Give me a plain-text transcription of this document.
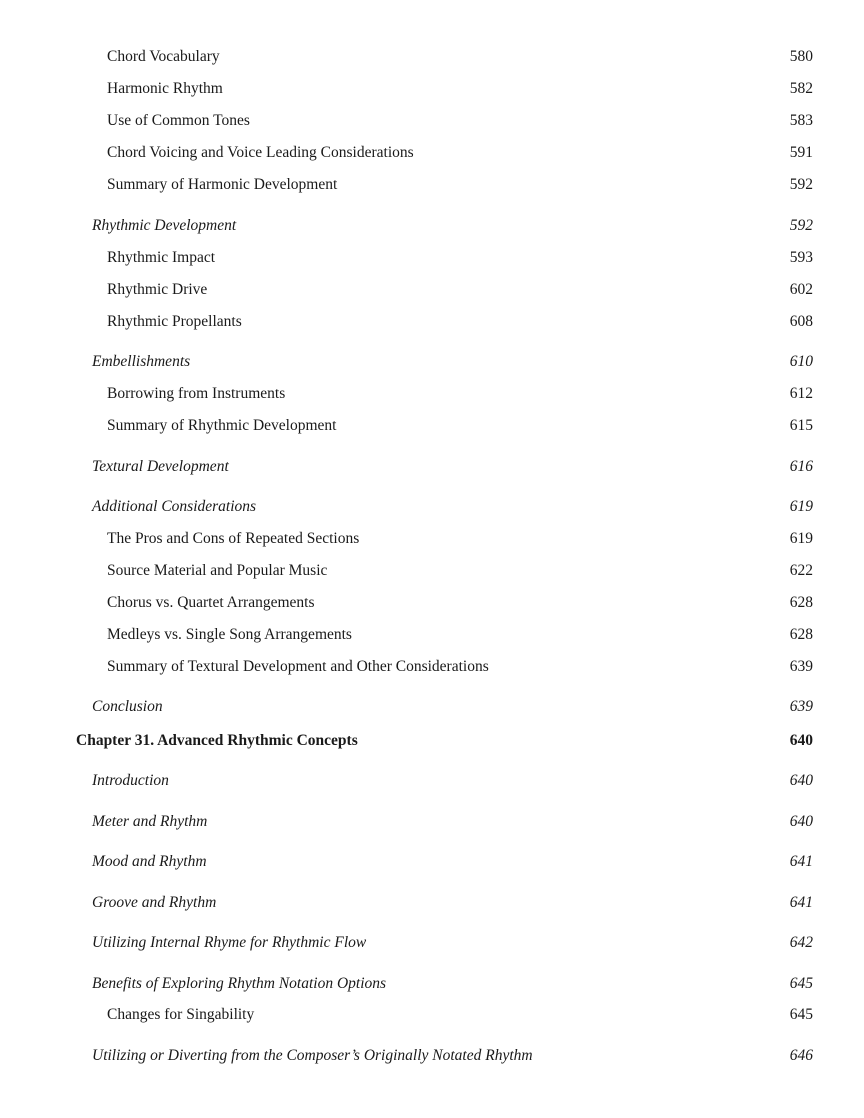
Chord Vocabulary	580
Harmonic Rhythm	582
Use of Common Tones	583
Chord Voicing and Voice Leading Considerations	591
Summary of Harmonic Development	592
Rhythmic Development	592
Rhythmic Impact	593
Rhythmic Drive	602
Rhythmic Propellants	608
Embellishments	610
Borrowing from Instruments	612
Summary of Rhythmic Development	615
Textural Development	616
Additional Considerations	619
The Pros and Cons of Repeated Sections	619
Source Material and Popular Music	622
Chorus vs. Quartet Arrangements	628
Medleys vs. Single Song Arrangements	628
Summary of Textural Development and Other Considerations	639
Conclusion	639
Chapter 31. Advanced Rhythmic Concepts	640
Introduction	640
Meter and Rhythm	640
Mood and Rhythm	641
Groove and Rhythm	641
Utilizing Internal Rhyme for Rhythmic Flow	642
Benefits of Exploring Rhythm Notation Options	645
Changes for Singability	645
Utilizing or Diverting from the Composer’s Originally Notated Rhythm	646
